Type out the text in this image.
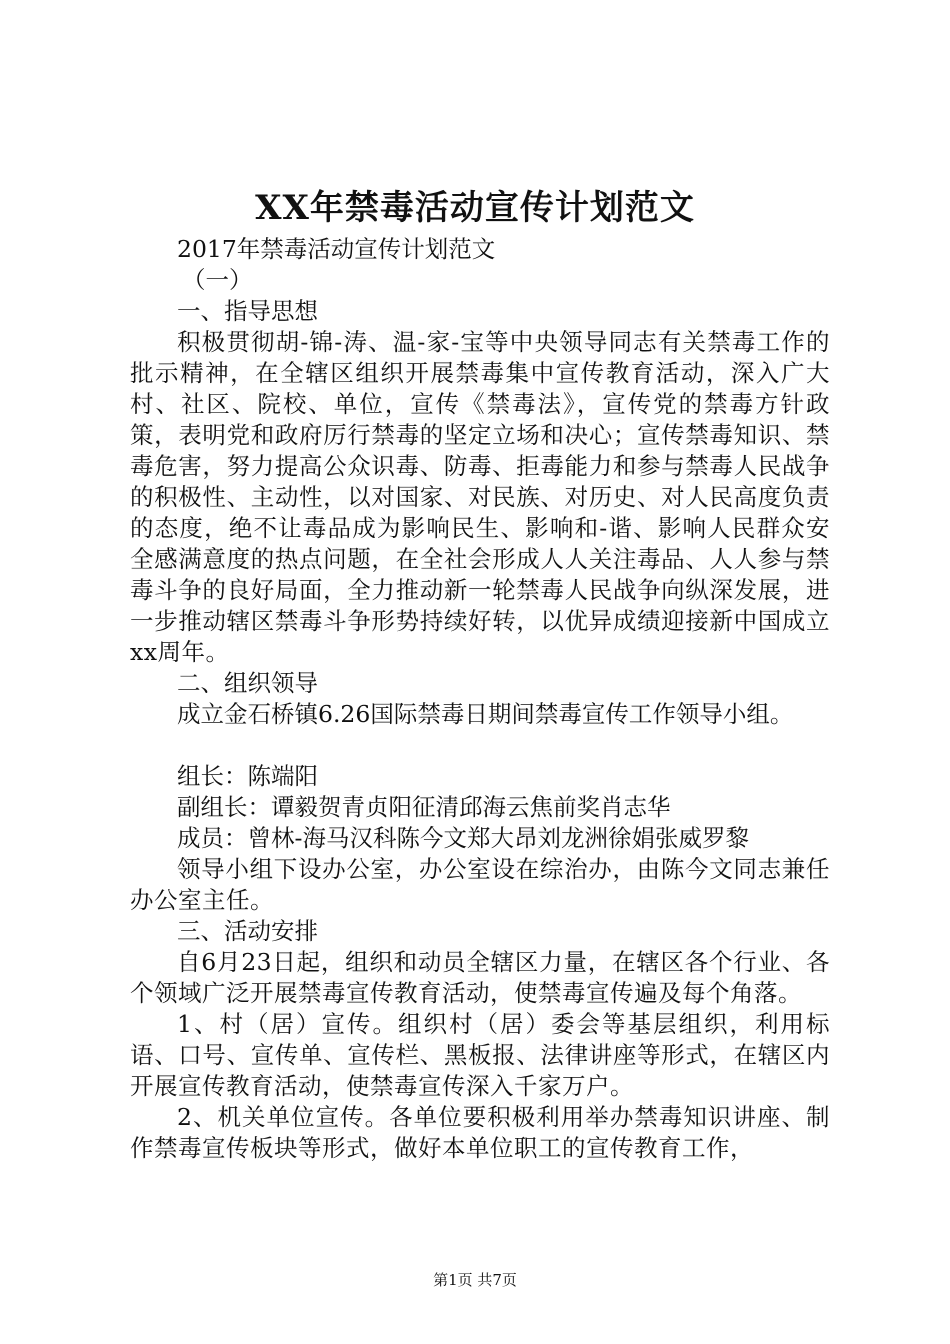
XX年禁毒活动宣传计划范文
2017年禁毒活动宣传计划范文
（一）
一、指导思想
积极贯彻胡-锦-涛、温-家-宝等中央领导同志有关禁毒工作的批示精神，在全辖区组织开展禁毒集中宣传教育活动，深入广大村、社区、院校、单位，宣传《禁毒法》，宣传党的禁毒方针政策，表明党和政府厉行禁毒的坚定立场和决心；宣传禁毒知识、禁毒危害，努力提高公众识毒、防毒、拒毒能力和参与禁毒人民战争的积极性、主动性，以对国家、对民族、对历史、对人民高度负责的态度，绝不让毒品成为影响民生、影响和-谐、影响人民群众安全感满意度的热点问题，在全社会形成人人关注毒品、人人参与禁毒斗争的良好局面，全力推动新一轮禁毒人民战争向纵深发展，进一步推动辖区禁毒斗争形势持续好转，以优异成绩迎接新中国成立xx周年。
二、组织领导
成立金石桥镇6.26国际禁毒日期间禁毒宣传工作领导小组。
组长：陈端阳
副组长：谭毅贺青贞阳征清邱海云焦前奖肖志华
成员：曾林-海马汉科陈今文郑大昂刘龙洲徐娟张威罗黎
领导小组下设办公室，办公室设在综治办，由陈今文同志兼任办公室主任。
三、活动安排
自6月23日起，组织和动员全辖区力量，在辖区各个行业、各个领域广泛开展禁毒宣传教育活动，使禁毒宣传遍及每个角落。
1、村（居）宣传。组织村（居）委会等基层组织，利用标语、口号、宣传单、宣传栏、黑板报、法律讲座等形式，在辖区内开展宣传教育活动，使禁毒宣传深入千家万户。
2、机关单位宣传。各单位要积极利用举办禁毒知识讲座、制作禁毒宣传板块等形式，做好本单位职工的宣传教育工作，
第1页 共7页
